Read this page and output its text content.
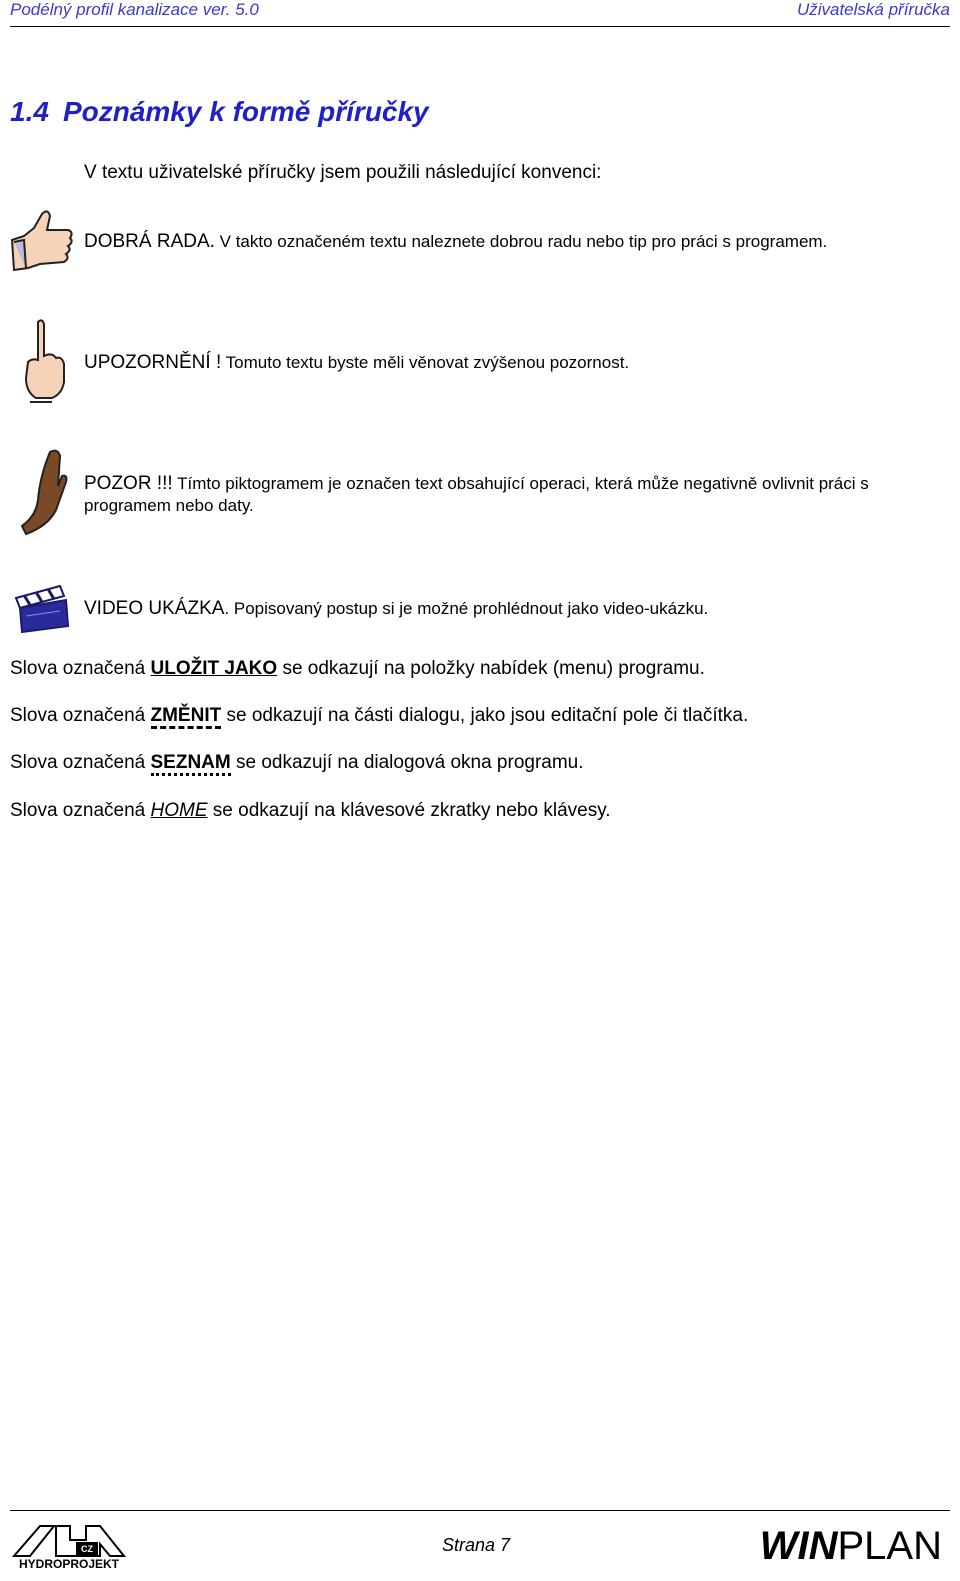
Podélný profil kanalizace ver. 5.0	Uživatelská příručka
1.4 Poznámky k formě příručky
V textu uživatelské příručky jsem použili následující konvenci:
DOBRÁ RADA. V takto označeném textu naleznete dobrou radu nebo tip pro práci s programem.
UPOZORNĚNÍ ! Tomuto textu byste měli věnovat zvýšenou pozornost.
POZOR !!! Tímto piktogramem je označen text obsahující operaci, která může negativně ovlivnit práci s programem nebo daty.
VIDEO UKÁZKA. Popisovaný postup si je možné prohlédnout jako video-ukázku.
Slova označená ULOŽIT JAKO se odkazují na položky nabídek (menu) programu.
Slova označená ZMĚNIT se odkazují na části dialogu, jako jsou editační pole či tlačítka.
Slova označená SEZNAM se odkazují na dialogová okna programu.
Slova označená HOME se odkazují na klávesové zkratky nebo klávesy.
CZ
HYDROPROJEKT
Strana 7	WINPLAN
